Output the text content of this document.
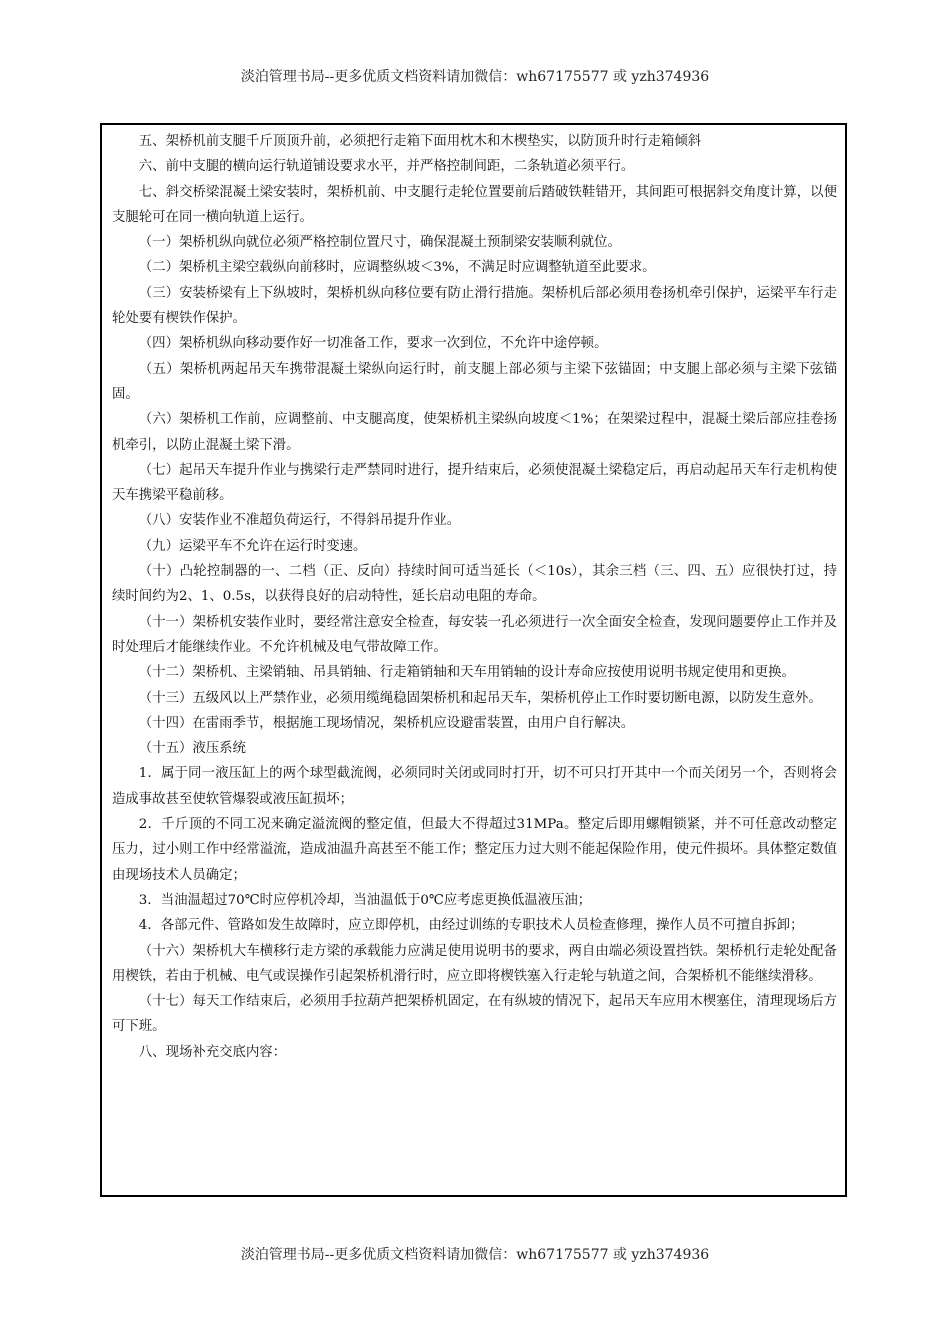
淡泊管理书局--更多优质文档资料请加微信：wh67175577 或 yzh374936

五、架桥机前支腿千斤顶顶升前，必须把行走箱下面用枕木和木楔垫实，以防顶升时行走箱倾斜

六、前中支腿的横向运行轨道铺设要求水平，并严格控制间距，二条轨道必须平行。

七、斜交桥梁混凝土梁安装时，架桥机前、中支腿行走轮位置要前后踏破铁鞋错开，其间距可根据斜交角度计算，以便支腿轮可在同一横向轨道上运行。

（一）架桥机纵向就位必须严格控制位置尺寸，确保混凝土预制梁安装顺利就位。

（二）架桥机主梁空载纵向前移时，应调整纵坡＜3%，不满足时应调整轨道至此要求。

（三）安装桥梁有上下纵坡时，架桥机纵向移位要有防止滑行措施。架桥机后部必须用卷扬机牵引保护，运梁平车行走轮处要有楔铁作保护。

（四）架桥机纵向移动要作好一切准备工作，要求一次到位，不允许中途停顿。

（五）架桥机两起吊天车携带混凝土梁纵向运行时，前支腿上部必须与主梁下弦锚固；中支腿上部必须与主梁下弦锚固。

（六）架桥机工作前，应调整前、中支腿高度，使架桥机主梁纵向坡度＜1%；在架梁过程中，混凝土梁后部应挂卷扬机牵引，以防止混凝土梁下滑。

（七）起吊天车提升作业与携梁行走严禁同时进行，提升结束后，必须使混凝土梁稳定后，再启动起吊天车行走机构使天车携梁平稳前移。

（八）安装作业不准超负荷运行，不得斜吊提升作业。

（九）运梁平车不允许在运行时变速。

（十）凸轮控制器的一、二档（正、反向）持续时间可适当延长（＜10s），其余三档（三、四、五）应很快打过，持续时间约为2、1、0.5s，以获得良好的启动特性，延长启动电阻的寿命。

（十一）架桥机安装作业时，要经常注意安全检查，每安装一孔必须进行一次全面安全检查，发现问题要停止工作并及时处理后才能继续作业。不允许机械及电气带故障工作。

（十二）架桥机、主梁销轴、吊具销轴、行走箱销轴和天车用销轴的设计寿命应按使用说明书规定使用和更换。

（十三）五级风以上严禁作业，必须用缆绳稳固架桥机和起吊天车，架桥机停止工作时要切断电源，以防发生意外。

（十四）在雷雨季节，根据施工现场情况，架桥机应设避雷装置，由用户自行解决。

（十五）液压系统

1．属于同一液压缸上的两个球型截流阀，必须同时关闭或同时打开，切不可只打开其中一个而关闭另一个，否则将会造成事故甚至使软管爆裂或液压缸损坏；

2．千斤顶的不同工况来确定溢流阀的整定值，但最大不得超过31MPa。整定后即用螺帽锁紧，并不可任意改动整定压力，过小则工作中经常溢流，造成油温升高甚至不能工作；整定压力过大则不能起保险作用，使元件损坏。具体整定数值由现场技术人员确定；

3．当油温超过70℃时应停机冷却，当油温低于0℃应考虑更换低温液压油；

4．各部元件、管路如发生故障时，应立即停机，由经过训练的专职技术人员检查修理，操作人员不可擅自拆卸；

（十六）架桥机大车横移行走方梁的承载能力应满足使用说明书的要求，两自由端必须设置挡铁。架桥机行走轮处配备用楔铁，若由于机械、电气或误操作引起架桥机滑行时，应立即将楔铁塞入行走轮与轨道之间，合架桥机不能继续滑移。

（十七）每天工作结束后，必须用手拉葫芦把架桥机固定，在有纵坡的情况下，起吊天车应用木楔塞住，清理现场后方可下班。

八、现场补充交底内容：

淡泊管理书局--更多优质文档资料请加微信：wh67175577 或 yzh374936
